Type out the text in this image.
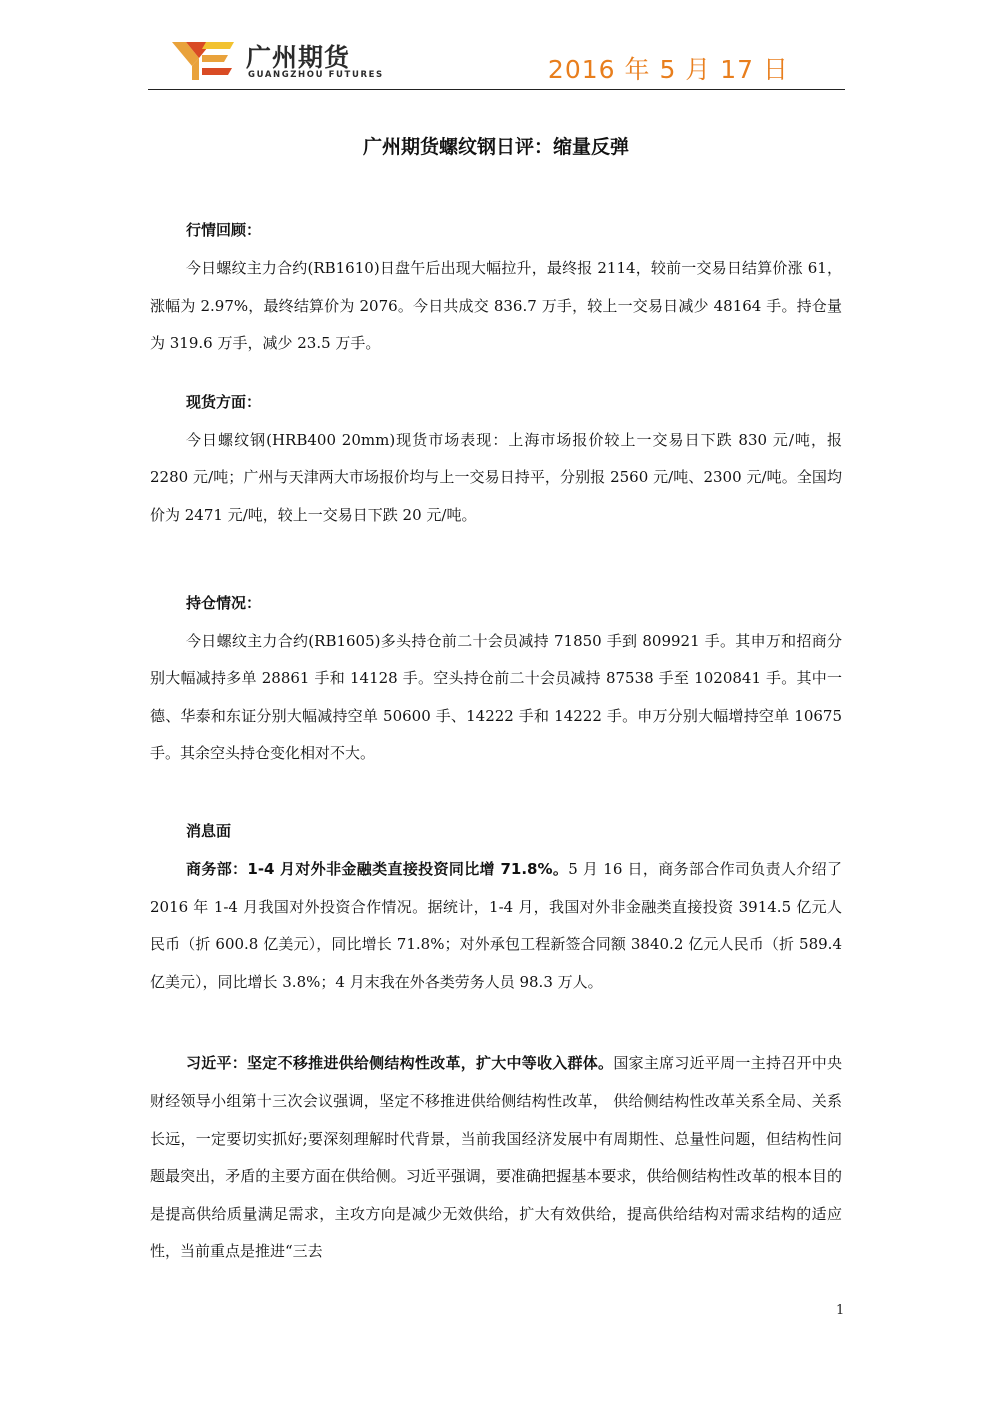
广州期货
GUANGZHOU FUTURES	2016 年 5 月 17 日
广州期货螺纹钢日评：缩量反弹
行情回顾：

今日螺纹主力合约(RB1610)日盘午后出现大幅拉升，最终报 2114，较前一交易日结算价涨 61，涨幅为 2.97%，最终结算价为 2076。今日共成交 836.7 万手，较上一交易日减少 48164 手。持仓量为 319.6 万手，减少 23.5 万手。

现货方面：

今日螺纹钢(HRB400 20mm)现货市场表现：上海市场报价较上一交易日下跌 830 元/吨，报 2280 元/吨；广州与天津两大市场报价均与上一交易日持平，分别报 2560 元/吨、2300 元/吨。全国均价为 2471 元/吨，较上一交易日下跌 20 元/吨。

持仓情况：

今日螺纹主力合约(RB1605)多头持仓前二十会员减持 71850 手到 809921 手。其申万和招商分别大幅减持多单 28861 手和 14128 手。空头持仓前二十会员减持 87538 手至 1020841 手。其中一德、华泰和东证分别大幅减持空单 50600 手、14222 手和 14222 手。申万分别大幅增持空单 10675 手。其余空头持仓变化相对不大。

消息面

商务部：1-4 月对外非金融类直接投资同比增 71.8%。5 月 16 日，商务部合作司负责人介绍了 2016 年 1-4 月我国对外投资合作情况。据统计，1-4 月，我国对外非金融类直接投资 3914.5 亿元人民币（折 600.8 亿美元），同比增长 71.8%；对外承包工程新签合同额 3840.2 亿元人民币（折 589.4 亿美元），同比增长 3.8%；4 月末我在外各类劳务人员 98.3 万人。

习近平：坚定不移推进供给侧结构性改革，扩大中等收入群体。国家主席习近平周一主持召开中央财经领导小组第十三次会议强调，坚定不移推进供给侧结构性改革， 供给侧结构性改革关系全局、关系长远，一定要切实抓好;要深刻理解时代背景，当前我国经济发展中有周期性、总量性问题，但结构性问题最突出，矛盾的主要方面在供给侧。习近平强调，要准确把握基本要求，供给侧结构性改革的根本目的是提高供给质量满足需求，主攻方向是减少无效供给，扩大有效供给，提高供给结构对需求结构的适应性，当前重点是推进“三去

1
